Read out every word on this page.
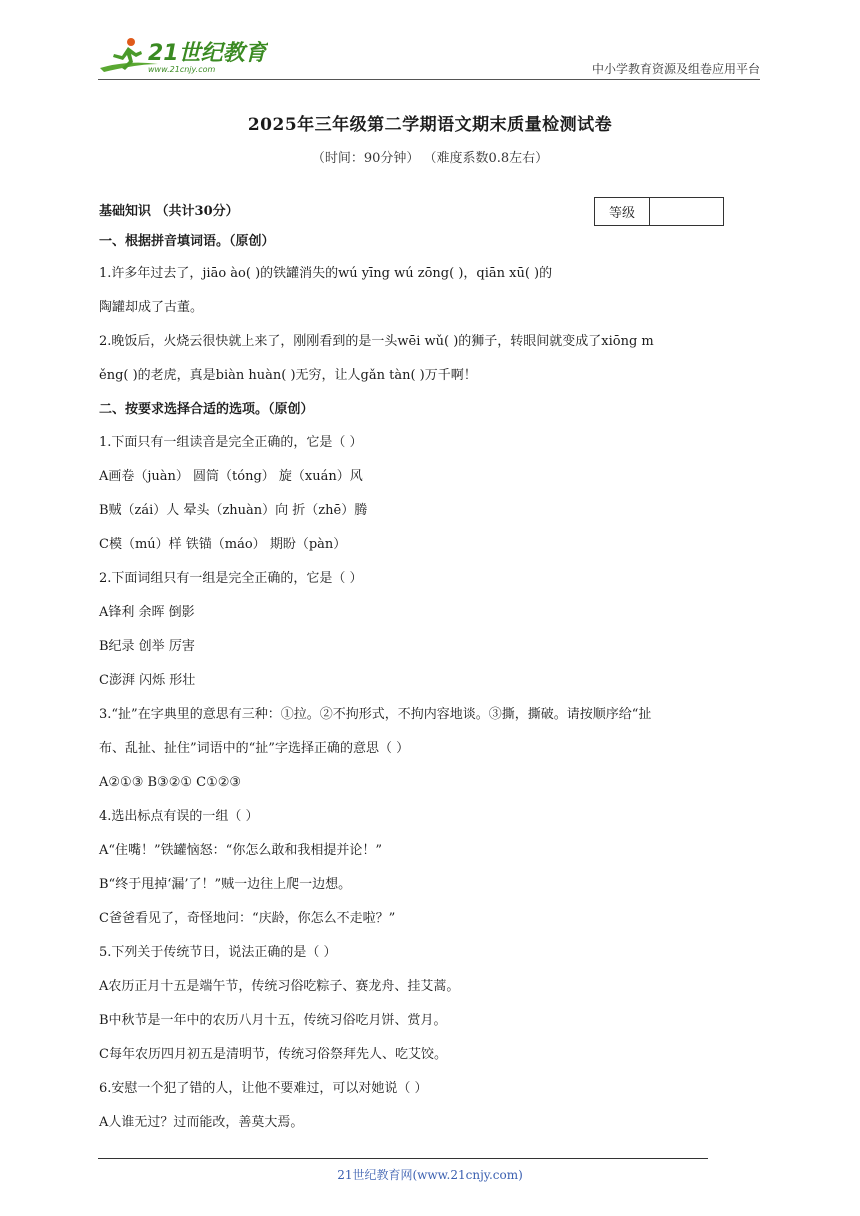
21世纪教育
www.21cnjy.com	中小学教育资源及组卷应用平台
2025年三年级第二学期语文期末质量检测试卷
（时间：90分钟） （难度系数0.8左右）
等级
基础知识 （共计30分）
一、根据拼音填词语。（原创）
1.许多年过去了，jiāo ào( )的铁罐消失的wú yīng wú zōng( )，qiān xū( )的
陶罐却成了古董。
2.晚饭后，火烧云很快就上来了，刚刚看到的是一头wēi wǔ( )的狮子，转眼间就变成了xiōng m
ěng( )的老虎，真是biàn huàn( )无穷，让人gǎn tàn( )万千啊！
二、按要求选择合适的选项。（原创）
1.下面只有一组读音是完全正确的，它是（ ）
A画卷（juàn） 圆筒（tóng） 旋（xuán）风
B贼（zái）人 晕头（zhuàn）向 折（zhē）腾
C模（mú）样 铁锚（máo） 期盼（pàn）
2.下面词组只有一组是完全正确的，它是（ ）
A锋利 余晖 倒影
B纪录 创举 厉害
C澎湃 闪烁 形壮
3.“扯”在字典里的意思有三种：①拉。②不拘形式，不拘内容地谈。③撕，撕破。请按顺序给“扯
布、乱扯、扯住”词语中的“扯”字选择正确的意思（ ）
A②①③ B③②① C①②③
4.选出标点有误的一组（ ）
A“住嘴！”铁罐恼怒：“你怎么敢和我相提并论！”
B“终于甩掉‘漏’了！”贼一边往上爬一边想。
C爸爸看见了，奇怪地问：“庆龄，你怎么不走啦？”
5.下列关于传统节日，说法正确的是（ ）
A农历正月十五是端午节，传统习俗吃粽子、赛龙舟、挂艾蒿。
B中秋节是一年中的农历八月十五，传统习俗吃月饼、赏月。
C每年农历四月初五是清明节，传统习俗祭拜先人、吃艾饺。
6.安慰一个犯了错的人，让他不要难过，可以对她说（ ）
A人谁无过？过而能改，善莫大焉。
21世纪教育网(www.21cnjy.com)
